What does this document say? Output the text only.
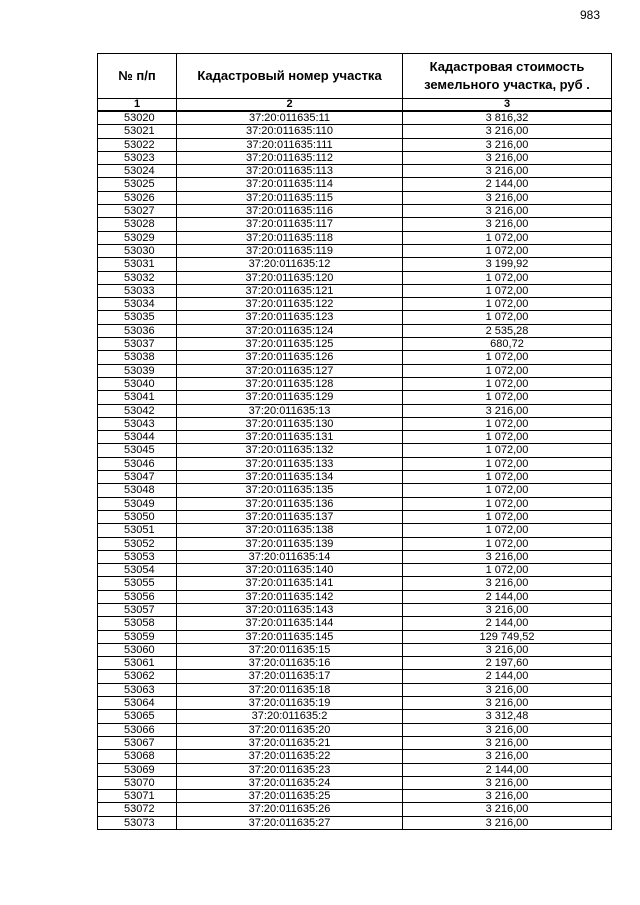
983
№ п/п	Кадастровый номер участка	Кадастровая стоимость земельного участка, руб .
1	2	3
53020	37:20:011635:11	3 816,32
53021	37:20:011635:110	3 216,00
53022	37:20:011635:111	3 216,00
53023	37:20:011635:112	3 216,00
53024	37:20:011635:113	3 216,00
53025	37:20:011635:114	2 144,00
53026	37:20:011635:115	3 216,00
53027	37:20:011635:116	3 216,00
53028	37:20:011635:117	3 216,00
53029	37:20:011635:118	1 072,00
53030	37:20:011635:119	1 072,00
53031	37:20:011635:12	3 199,92
53032	37:20:011635:120	1 072,00
53033	37:20:011635:121	1 072,00
53034	37:20:011635:122	1 072,00
53035	37:20:011635:123	1 072,00
53036	37:20:011635:124	2 535,28
53037	37:20:011635:125	680,72
53038	37:20:011635:126	1 072,00
53039	37:20:011635:127	1 072,00
53040	37:20:011635:128	1 072,00
53041	37:20:011635:129	1 072,00
53042	37:20:011635:13	3 216,00
53043	37:20:011635:130	1 072,00
53044	37:20:011635:131	1 072,00
53045	37:20:011635:132	1 072,00
53046	37:20:011635:133	1 072,00
53047	37:20:011635:134	1 072,00
53048	37:20:011635:135	1 072,00
53049	37:20:011635:136	1 072,00
53050	37:20:011635:137	1 072,00
53051	37:20:011635:138	1 072,00
53052	37:20:011635:139	1 072,00
53053	37:20:011635:14	3 216,00
53054	37:20:011635:140	1 072,00
53055	37:20:011635:141	3 216,00
53056	37:20:011635:142	2 144,00
53057	37:20:011635:143	3 216,00
53058	37:20:011635:144	2 144,00
53059	37:20:011635:145	129 749,52
53060	37:20:011635:15	3 216,00
53061	37:20:011635:16	2 197,60
53062	37:20:011635:17	2 144,00
53063	37:20:011635:18	3 216,00
53064	37:20:011635:19	3 216,00
53065	37:20:011635:2	3 312,48
53066	37:20:011635:20	3 216,00
53067	37:20:011635:21	3 216,00
53068	37:20:011635:22	3 216,00
53069	37:20:011635:23	2 144,00
53070	37:20:011635:24	3 216,00
53071	37:20:011635:25	3 216,00
53072	37:20:011635:26	3 216,00
53073	37:20:011635:27	3 216,00
